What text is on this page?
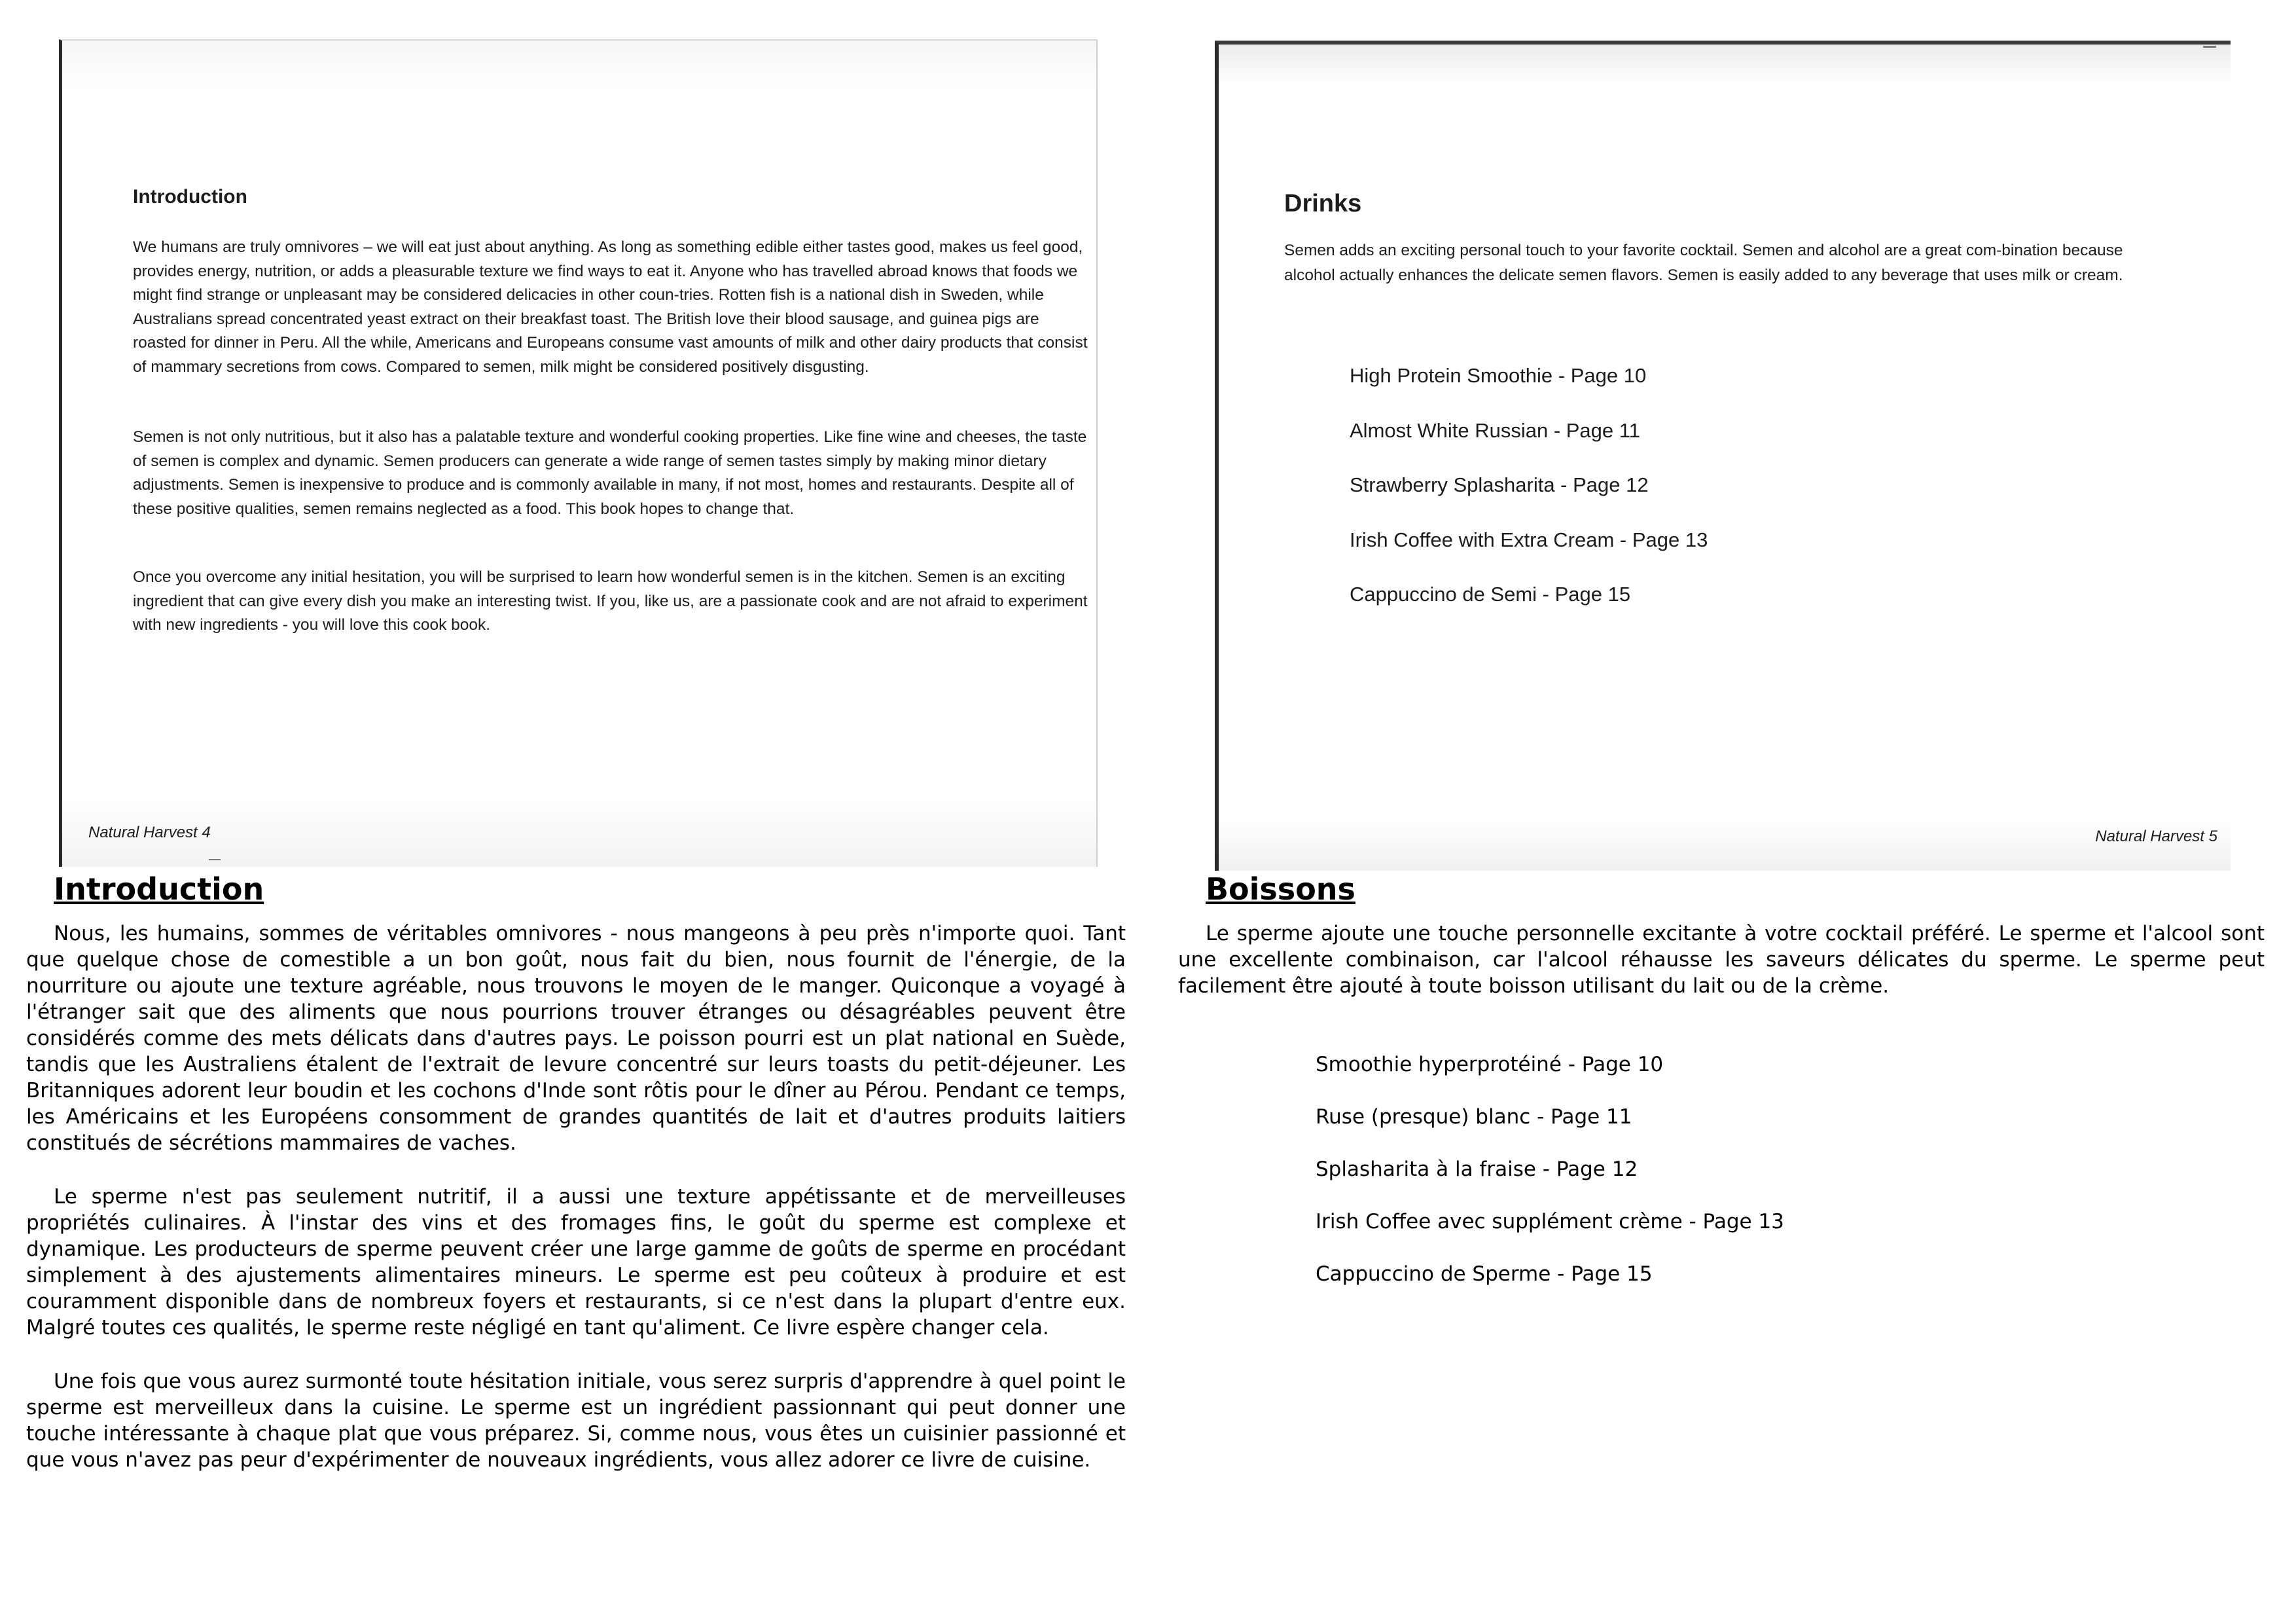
Introduction

We humans are truly omnivores – we will eat just about anything. As long as something edible either tastes good, makes us feel good, provides energy, nutrition, or adds a pleasurable texture we find ways to eat it. Anyone who has travelled abroad knows that foods we might find strange or unpleasant may be considered delicacies in other coun-tries. Rotten fish is a national dish in Sweden, while Australians spread concentrated yeast extract on their breakfast toast. The British love their blood sausage, and guinea pigs are roasted for dinner in Peru. All the while, Americans and Europeans consume vast amounts of milk and other dairy products that consist of mammary secretions from cows. Compared to semen, milk might be considered positively disgusting.

Semen is not only nutritious, but it also has a palatable texture and wonderful cooking properties. Like fine wine and cheeses, the taste of semen is complex and dynamic. Semen producers can generate a wide range of semen tastes simply by making minor dietary adjustments. Semen is inexpensive to produce and is commonly available in many, if not most, homes and restaurants. Despite all of these positive qualities, semen remains neglected as a food. This book hopes to change that.

Once you overcome any initial hesitation, you will be surprised to learn how wonderful semen is in the kitchen. Semen is an exciting ingredient that can give every dish you make an interesting twist. If you, like us, are a passionate cook and are not afraid to experiment with new ingredients - you will love this cook book.

Natural Harvest 4
Drinks

Semen adds an exciting personal touch to your favorite cocktail. Semen and alcohol are a great com-bination because alcohol actually enhances the delicate semen flavors. Semen is easily added to any beverage that uses milk or cream.

High Protein Smoothie - Page 10
Almost White Russian - Page 11
Strawberry Splasharita - Page 12
Irish Coffee with Extra Cream - Page 13
Cappuccino de Semi - Page 15
Natural Harvest 5
Introduction

Nous, les humains, sommes de véritables omnivores - nous mangeons à peu près n'importe quoi. Tant que quelque chose de comestible a un bon goût, nous fait du bien, nous fournit de l'énergie, de la nourriture ou ajoute une texture agréable, nous trouvons le moyen de le manger. Quiconque a voyagé à l'étranger sait que des aliments que nous pourrions trouver étranges ou désagréables peuvent être considérés comme des mets délicats dans d'autres pays. Le poisson pourri est un plat national en Suède, tandis que les Australiens étalent de l'extrait de levure concentré sur leurs toasts du petit-déjeuner. Les Britanniques adorent leur boudin et les cochons d'Inde sont rôtis pour le dîner au Pérou. Pendant ce temps, les Américains et les Européens consomment de grandes quantités de lait et d'autres produits laitiers constitués de sécrétions mammaires de vaches.

Le sperme n'est pas seulement nutritif, il a aussi une texture appétissante et de merveilleuses propriétés culinaires. À l'instar des vins et des fromages fins, le goût du sperme est complexe et dynamique. Les producteurs de sperme peuvent créer une large gamme de goûts de sperme en procédant simplement à des ajustements alimentaires mineurs. Le sperme est peu coûteux à produire et est couramment disponible dans de nombreux foyers et restaurants, si ce n'est dans la plupart d'entre eux. Malgré toutes ces qualités, le sperme reste négligé en tant qu'aliment. Ce livre espère changer cela.

Une fois que vous aurez surmonté toute hésitation initiale, vous serez surpris d'apprendre à quel point le sperme est merveilleux dans la cuisine. Le sperme est un ingrédient passionnant qui peut donner une touche intéressante à chaque plat que vous préparez. Si, comme nous, vous êtes un cuisinier passionné et que vous n'avez pas peur d'expérimenter de nouveaux ingrédients, vous allez adorer ce livre de cuisine.

Boissons

Le sperme ajoute une touche personnelle excitante à votre cocktail préféré. Le sperme et l'alcool sont une excellente combinaison, car l'alcool réhausse les saveurs délicates du sperme. Le sperme peut facilement être ajouté à toute boisson utilisant du lait ou de la crème.

Smoothie hyperprotéiné - Page 10
Ruse (presque) blanc - Page 11
Splasharita à la fraise - Page 12
Irish Coffee avec supplément crème - Page 13
Cappuccino de Sperme - Page 15
